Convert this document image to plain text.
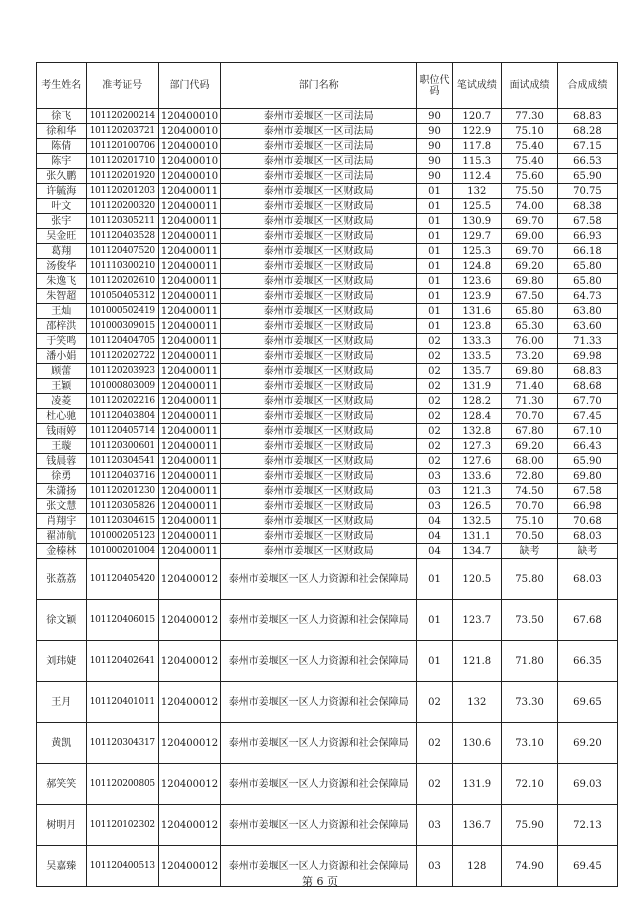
考生姓名	准考证号	部门代码	部门名称	职位代码	笔试成绩	面试成绩	合成成绩
徐飞	101120200214	120400010	泰州市姜堰区一区司法局	90	120.7	77.30	68.83
徐和华	101120203721	120400010	泰州市姜堰区一区司法局	90	122.9	75.10	68.28
陈倩	101120100706	120400010	泰州市姜堰区一区司法局	90	117.8	75.40	67.15
陈宇	101120201710	120400010	泰州市姜堰区一区司法局	90	115.3	75.40	66.53
张久鹏	101120201920	120400010	泰州市姜堰区一区司法局	90	112.4	75.60	65.90
许毓海	101120201203	120400011	泰州市姜堰区一区财政局	01	132	75.50	70.75
叶文	101120200320	120400011	泰州市姜堰区一区财政局	01	125.5	74.00	68.38
张宇	101120305211	120400011	泰州市姜堰区一区财政局	01	130.9	69.70	67.58
吴金旺	101120403528	120400011	泰州市姜堰区一区财政局	01	129.7	69.00	66.93
葛翔	101120407520	120400011	泰州市姜堰区一区财政局	01	125.3	69.70	66.18
汤俊华	101110300210	120400011	泰州市姜堰区一区财政局	01	124.8	69.20	65.80
朱逸飞	101120202610	120400011	泰州市姜堰区一区财政局	01	123.6	69.80	65.80
朱智超	101050405312	120400011	泰州市姜堰区一区财政局	01	123.9	67.50	64.73
王灿	101000502419	120400011	泰州市姜堰区一区财政局	01	131.6	65.80	63.80
邵梓洪	101000309015	120400011	泰州市姜堰区一区财政局	01	123.8	65.30	63.60
于笑鸣	101120404705	120400011	泰州市姜堰区一区财政局	02	133.3	76.00	71.33
潘小娟	101120202722	120400011	泰州市姜堰区一区财政局	02	133.5	73.20	69.98
顾蕾	101120203923	120400011	泰州市姜堰区一区财政局	02	135.7	69.80	68.83
王颖	101000803009	120400011	泰州市姜堰区一区财政局	02	131.9	71.40	68.68
凌菱	101120202216	120400011	泰州市姜堰区一区财政局	02	128.2	71.30	67.70
杜心驰	101120403804	120400011	泰州市姜堰区一区财政局	02	128.4	70.70	67.45
钱雨婷	101120405714	120400011	泰州市姜堰区一区财政局	02	132.8	67.80	67.10
王璇	101120300601	120400011	泰州市姜堰区一区财政局	02	127.3	69.20	66.43
钱晨蓉	101120304541	120400011	泰州市姜堰区一区财政局	02	127.6	68.00	65.90
徐勇	101120403716	120400011	泰州市姜堰区一区财政局	03	133.6	72.80	69.80
朱潇扬	101120201230	120400011	泰州市姜堰区一区财政局	03	121.3	74.50	67.58
张文慧	101120305826	120400011	泰州市姜堰区一区财政局	03	126.5	70.70	66.98
肖翔宇	101120304615	120400011	泰州市姜堰区一区财政局	04	132.5	75.10	70.68
翟沛航	101000205123	120400011	泰州市姜堰区一区财政局	04	131.1	70.50	68.03
金榛林	101000201004	120400011	泰州市姜堰区一区财政局	04	134.7	缺考	缺考
张荔荔	101120405420	120400012	泰州市姜堰区一区人力资源和社会保障局	01	120.5	75.80	68.03
徐文颖	101120406015	120400012	泰州市姜堰区一区人力资源和社会保障局	01	123.7	73.50	67.68
刘玮婕	101120402641	120400012	泰州市姜堰区一区人力资源和社会保障局	01	121.8	71.80	66.35
王月	101120401011	120400012	泰州市姜堰区一区人力资源和社会保障局	02	132	73.30	69.65
黄凯	101120304317	120400012	泰州市姜堰区一区人力资源和社会保障局	02	130.6	73.10	69.20
郝笑笑	101120200805	120400012	泰州市姜堰区一区人力资源和社会保障局	02	131.9	72.10	69.03
树明月	101120102302	120400012	泰州市姜堰区一区人力资源和社会保障局	03	136.7	75.90	72.13
吴嘉臻	101120400513	120400012	泰州市姜堰区一区人力资源和社会保障局	03	128	74.90	69.45
第 6 页
